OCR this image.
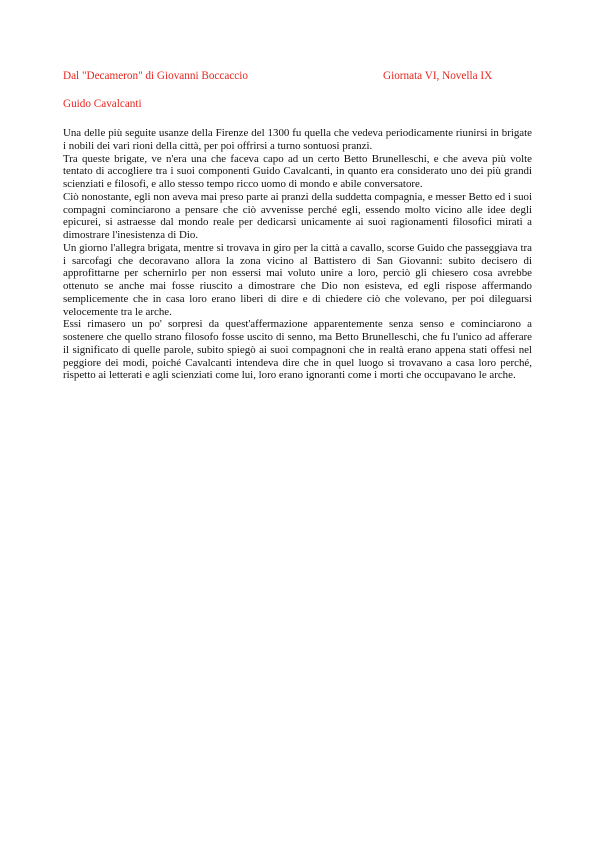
Dal "Decameron" di Giovanni Boccaccio	Giornata VI, Novella IX
Guido Cavalcanti

Una delle più seguite usanze della Firenze del 1300 fu quella che vedeva periodicamente riunirsi in brigate i nobili dei vari rioni della città, per poi offrirsi a turno sontuosi pranzi.

Tra queste brigate, ve n'era una che faceva capo ad un certo Betto Brunelleschi, e che aveva più volte tentato di accogliere tra i suoi componenti Guido Cavalcanti, in quanto era considerato uno dei più grandi scienziati e filosofi, e allo stesso tempo ricco uomo di mondo e abile conversatore.

Ciò nonostante, egli non aveva mai preso parte ai pranzi della suddetta compagnia, e messer Betto ed i suoi compagni cominciarono a pensare che ciò avvenisse perché egli, essendo molto vicino alle idee degli epicurei, si astraesse dal mondo reale per dedicarsi unicamente ai suoi ragionamenti filosofici mirati a dimostrare l'inesistenza di Dio.

Un giorno l'allegra brigata, mentre si trovava in giro per la città a cavallo, scorse Guido che passeggiava tra i sarcofagi che decoravano allora la zona vicino al Battistero di San Giovanni: subito decisero di approfittarne per schernirlo per non essersi mai voluto unire a loro, perciò gli chiesero cosa avrebbe ottenuto se anche mai fosse riuscito a dimostrare che Dio non esisteva, ed egli rispose affermando semplicemente che in casa loro erano liberi di dire e di chiedere ciò che volevano, per poi dileguarsi velocemente tra le arche.

Essi rimasero un po' sorpresi da quest'affermazione apparentemente senza senso e cominciarono a sostenere che quello strano filosofo fosse uscito di senno, ma Betto Brunelleschi, che fu l'unico ad afferare il significato di quelle parole, subito spiegò ai suoi compagnoni che in realtà erano appena stati offesi nel peggiore dei modi, poiché Cavalcanti intendeva dire che in quel luogo si trovavano a casa loro perché, rispetto ai letterati e agli scienziati come lui, loro erano ignoranti come i morti che occupavano le arche.
